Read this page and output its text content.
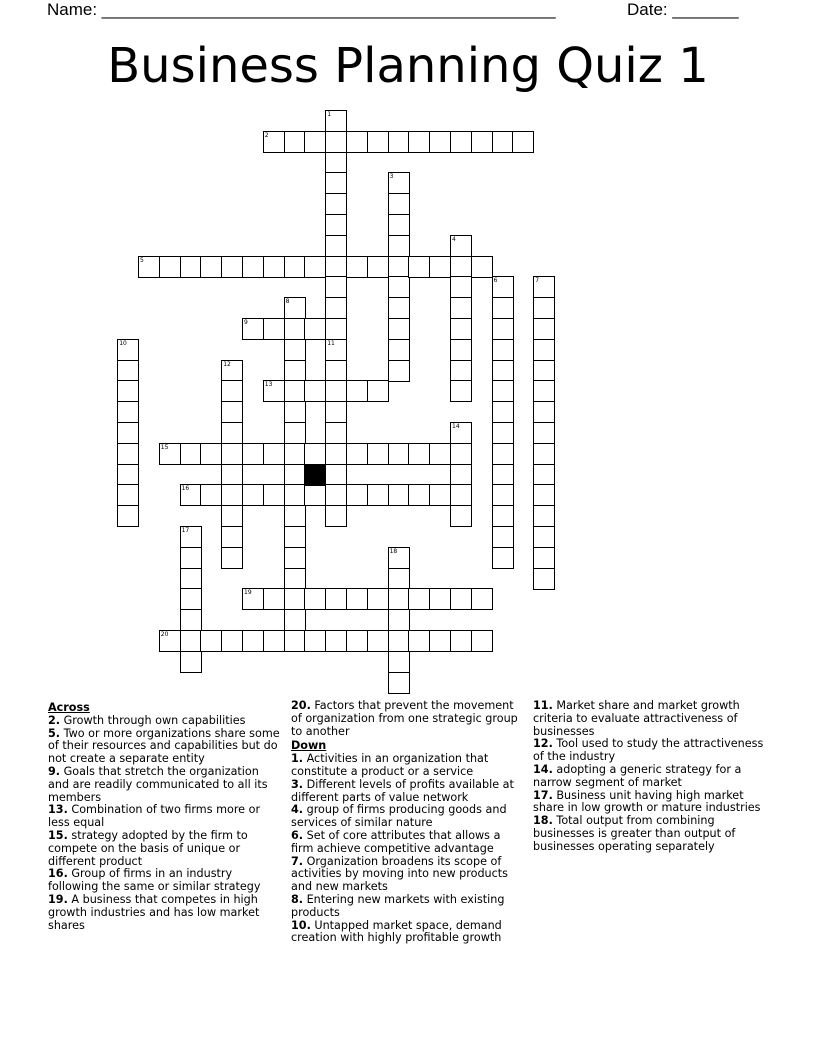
Name: ________________________________________________	Date: _______
Business Planning Quiz 1
1
2
3
4
5
6	7
8
9
10	11
12
13
14
15
16
17
18
19
20
Across
2. Growth through own capabilities
5. Two or more organizations share some of their resources and capabilities but do not create a separate entity
9. Goals that stretch the organization and are readily communicated to all its members
13. Combination of two firms more or less equal
15. strategy adopted by the firm to compete on the basis of unique or different product
16. Group of firms in an industry following the same or similar strategy
19. A business that competes in high growth industries and has low market shares
20. Factors that prevent the movement of organization from one strategic group to another
Down
1. Activities in an organization that constitute a product or a service
3. Different levels of profits available at different parts of value network
4. group of firms producing goods and services of similar nature
6. Set of core attributes that allows a firm achieve competitive advantage
7. Organization broadens its scope of activities by moving into new products and new markets
8. Entering new markets with existing products
10. Untapped market space, demand creation with highly profitable growth
11. Market share and market growth criteria to evaluate attractiveness of businesses
12. Tool used to study the attractiveness of the industry
14. adopting a generic strategy for a narrow segment of market
17. Business unit having high market share in low growth or mature industries
18. Total output from combining businesses is greater than output of businesses operating separately
